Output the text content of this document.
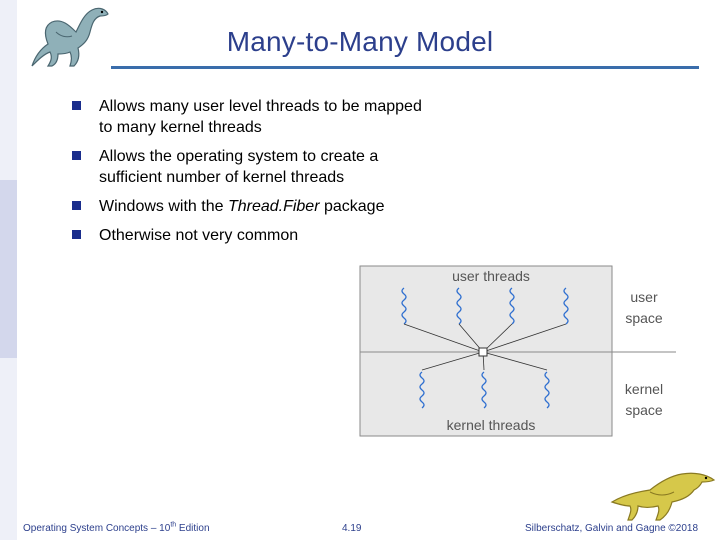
Many-to-Many Model
Allows many user level threads to be mapped to many kernel threads
Allows the operating system to create a sufficient number of kernel threads
Windows with the Thread.Fiber package
Otherwise not very common
user threads
kernel threads
user
space
kernel
space
Operating System Concepts – 10th Edition	4.19	Silberschatz, Galvin and Gagne ©2018
